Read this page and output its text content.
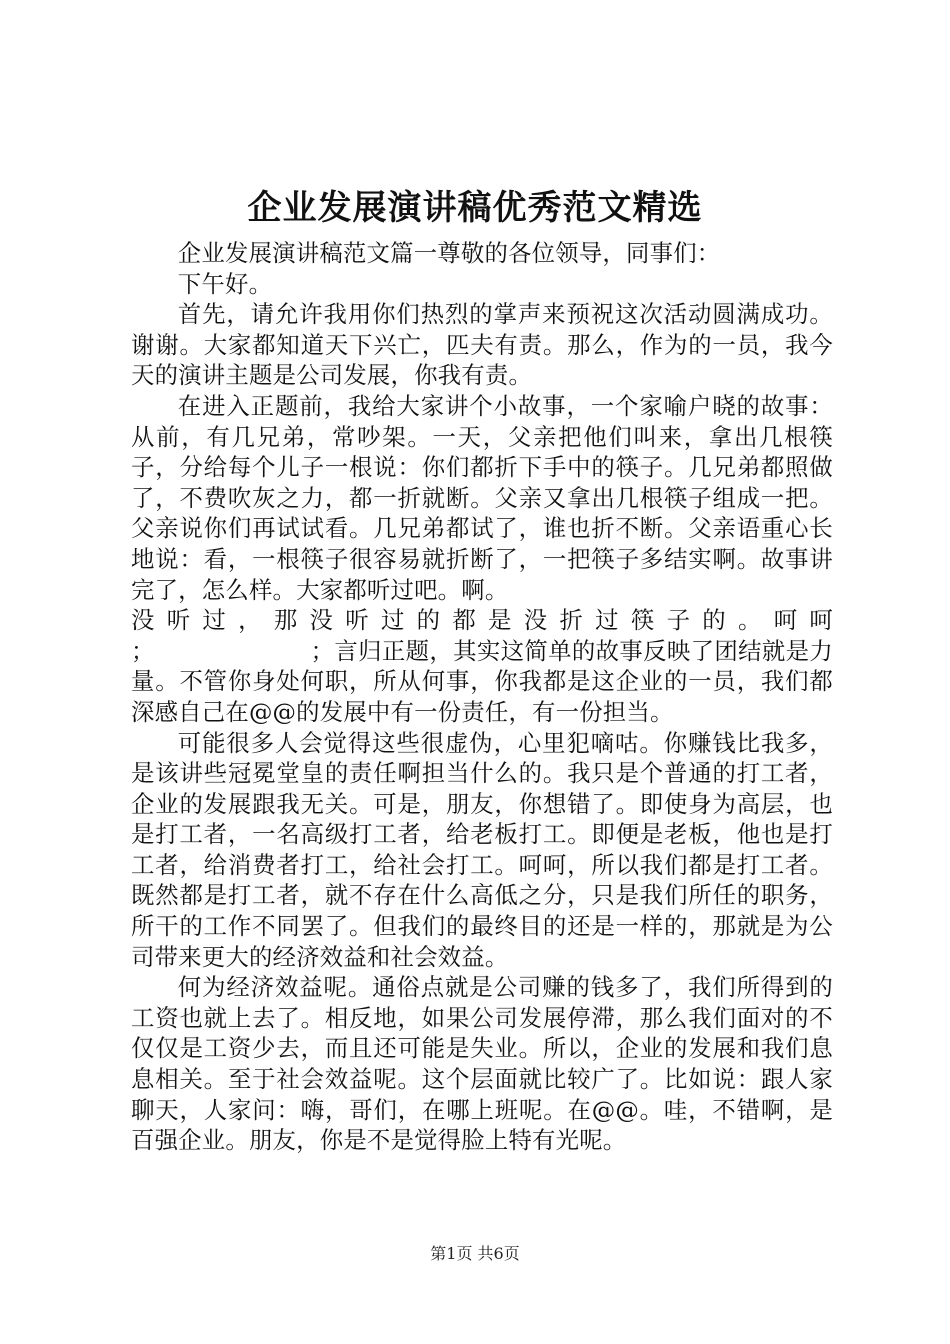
企业发展演讲稿优秀范文精选

企业发展演讲稿范文篇一尊敬的各位领导，同事们：

下午好。

首先，请允许我用你们热烈的掌声来预祝这次活动圆满成功。谢谢。大家都知道天下兴亡，匹夫有责。那么，作为的一员，我今天的演讲主题是公司发展，你我有责。

在进入正题前，我给大家讲个小故事，一个家喻户晓的故事：从前，有几兄弟，常吵架。一天，父亲把他们叫来，拿出几根筷子，分给每个儿子一根说：你们都折下手中的筷子。几兄弟都照做了，不费吹灰之力，都一折就断。父亲又拿出几根筷子组成一把。父亲说你们再试试看。几兄弟都试了，谁也折不断。父亲语重心长地说：看，一根筷子很容易就折断了，一把筷子多结实啊。故事讲完了，怎么样。大家都听过吧。啊。

没听过，那没听过的都是没折过筷子的。呵呵

；                    ；言归正题，其实这简单的故事反映了团结就是力量。不管你身处何职，所从何事，你我都是这企业的一员，我们都深感自己在@@的发展中有一份责任，有一份担当。

可能很多人会觉得这些很虚伪，心里犯嘀咕。你赚钱比我多，是该讲些冠冕堂皇的责任啊担当什么的。我只是个普通的打工者，企业的发展跟我无关。可是，朋友，你想错了。即使身为高层，也是打工者，一名高级打工者，给老板打工。即便是老板，他也是打工者，给消费者打工，给社会打工。呵呵，所以我们都是打工者。既然都是打工者，就不存在什么高低之分，只是我们所任的职务，所干的工作不同罢了。但我们的最终目的还是一样的，那就是为公司带来更大的经济效益和社会效益。

何为经济效益呢。通俗点就是公司赚的钱多了，我们所得到的工资也就上去了。相反地，如果公司发展停滞，那么我们面对的不仅仅是工资少去，而且还可能是失业。所以，企业的发展和我们息息相关。至于社会效益呢。这个层面就比较广了。比如说：跟人家聊天，人家问：嗨，哥们，在哪上班呢。在@@。哇，不错啊，是百强企业。朋友，你是不是觉得脸上特有光呢。

第1页 共6页
